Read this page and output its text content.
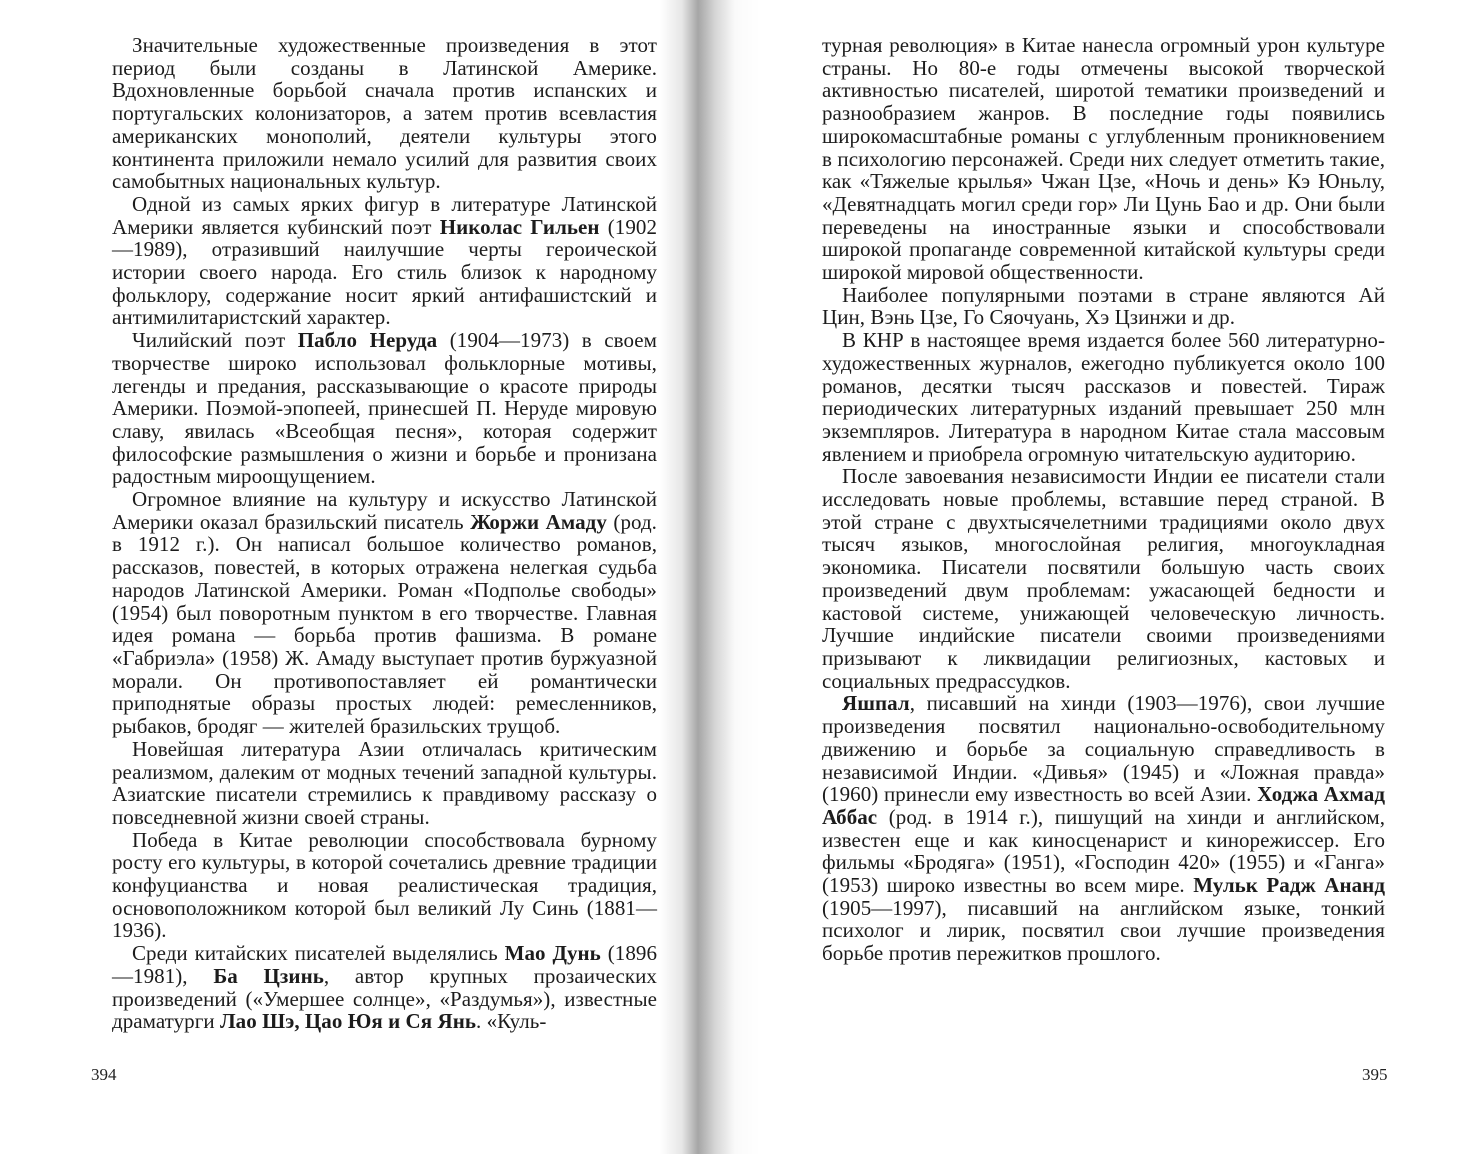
Значительные художественные произведения в этот период были созданы в Латинской Америке. Вдохновленные борьбой сначала против испанских и португальских колонизаторов, а затем против всевластия американских монополий, деятели культуры этого континента приложили немало усилий для развития своих самобытных национальных культур.

Одной из самых ярких фигур в литературе Латинской Америки является кубинский поэт Николас Гильен (1902—1989), отразивший наилучшие черты героической истории своего народа. Его стиль близок к народному фольклору, содержание носит яркий антифашистский и антимилитаристский характер.

Чилийский поэт Пабло Неруда (1904—1973) в своем творчестве широко использовал фольклорные мотивы, легенды и предания, рассказывающие о красоте природы Америки. Поэмой-эпопеей, принесшей П. Неруде мировую славу, явилась «Всеобщая песня», которая содержит философские размышления о жизни и борьбе и пронизана радостным мироощущением.

Огромное влияние на культуру и искусство Латинской Америки оказал бразильский писатель Жоржи Амаду (род. в 1912 г.). Он написал большое количество романов, рассказов, повестей, в которых отражена нелегкая судьба народов Латинской Америки. Роман «Подполье свободы» (1954) был поворотным пунктом в его творчестве. Главная идея романа — борьба против фашизма. В романе «Габриэла» (1958) Ж. Амаду выступает против буржуазной морали. Он противопоставляет ей романтически приподнятые образы простых людей: ремесленников, рыбаков, бродяг — жителей бразильских трущоб.

Новейшая литература Азии отличалась критическим реализмом, далеким от модных течений западной культуры. Азиатские писатели стремились к правдивому рассказу о повседневной жизни своей страны.

Победа в Китае революции способствовала бурному росту его культуры, в которой сочетались древние традиции конфуцианства и новая реалистическая традиция, основоположником которой был великий Лу Синь (1881—1936).

Среди китайских писателей выделялись Мао Дунь (1896—1981), Ба Цзинь, автор крупных прозаических произведений («Умершее солнце», «Раздумья»), известные драматурги Лао Шэ, Цао Юя и Ся Янь. «Куль-

394

турная революция» в Китае нанесла огромный урон культуре страны. Но 80-е годы отмечены высокой творческой активностью писателей, широтой тематики произведений и разнообразием жанров. В последние годы появились широкомасштабные романы с углубленным проникновением в психологию персонажей. Среди них следует отметить такие, как «Тяжелые крылья» Чжан Цзе, «Ночь и день» Кэ Юньлу, «Девятнадцать могил среди гор» Ли Цунь Бао и др. Они были переведены на иностранные языки и способствовали широкой пропаганде современной китайской культуры среди широкой мировой общественности.

Наиболее популярными поэтами в стране являются Ай Цин, Вэнь Цзе, Го Сяочуань, Хэ Цзинжи и др.

В КНР в настоящее время издается более 560 литературно-художественных журналов, ежегодно публикуется около 100 романов, десятки тысяч рассказов и повестей. Тираж периодических литературных изданий превышает 250 млн экземпляров. Литература в народном Китае стала массовым явлением и приобрела огромную читательскую аудиторию.

После завоевания независимости Индии ее писатели стали исследовать новые проблемы, вставшие перед страной. В этой стране с двухтысячелетними традициями около двух тысяч языков, многослойная религия, многоукладная экономика. Писатели посвятили большую часть своих произведений двум проблемам: ужасающей бедности и кастовой системе, унижающей человеческую личность. Лучшие индийские писатели своими произведениями призывают к ликвидации религиозных, кастовых и социальных предрассудков.

Яшпал, писавший на хинди (1903—1976), свои лучшие произведения посвятил национально-освободительному движению и борьбе за социальную справедливость в независимой Индии. «Дивья» (1945) и «Ложная правда» (1960) принесли ему известность во всей Азии. Ходжа Ахмад Аббас (род. в 1914 г.), пишущий на хинди и английском, известен еще и как киносценарист и кинорежиссер. Его фильмы «Бродяга» (1951), «Господин 420» (1955) и «Ганга» (1953) широко известны во всем мире. Мульк Радж Ананд (1905—1997), писавший на английском языке, тонкий психолог и лирик, посвятил свои лучшие произведения борьбе против пережитков прошлого.

395
